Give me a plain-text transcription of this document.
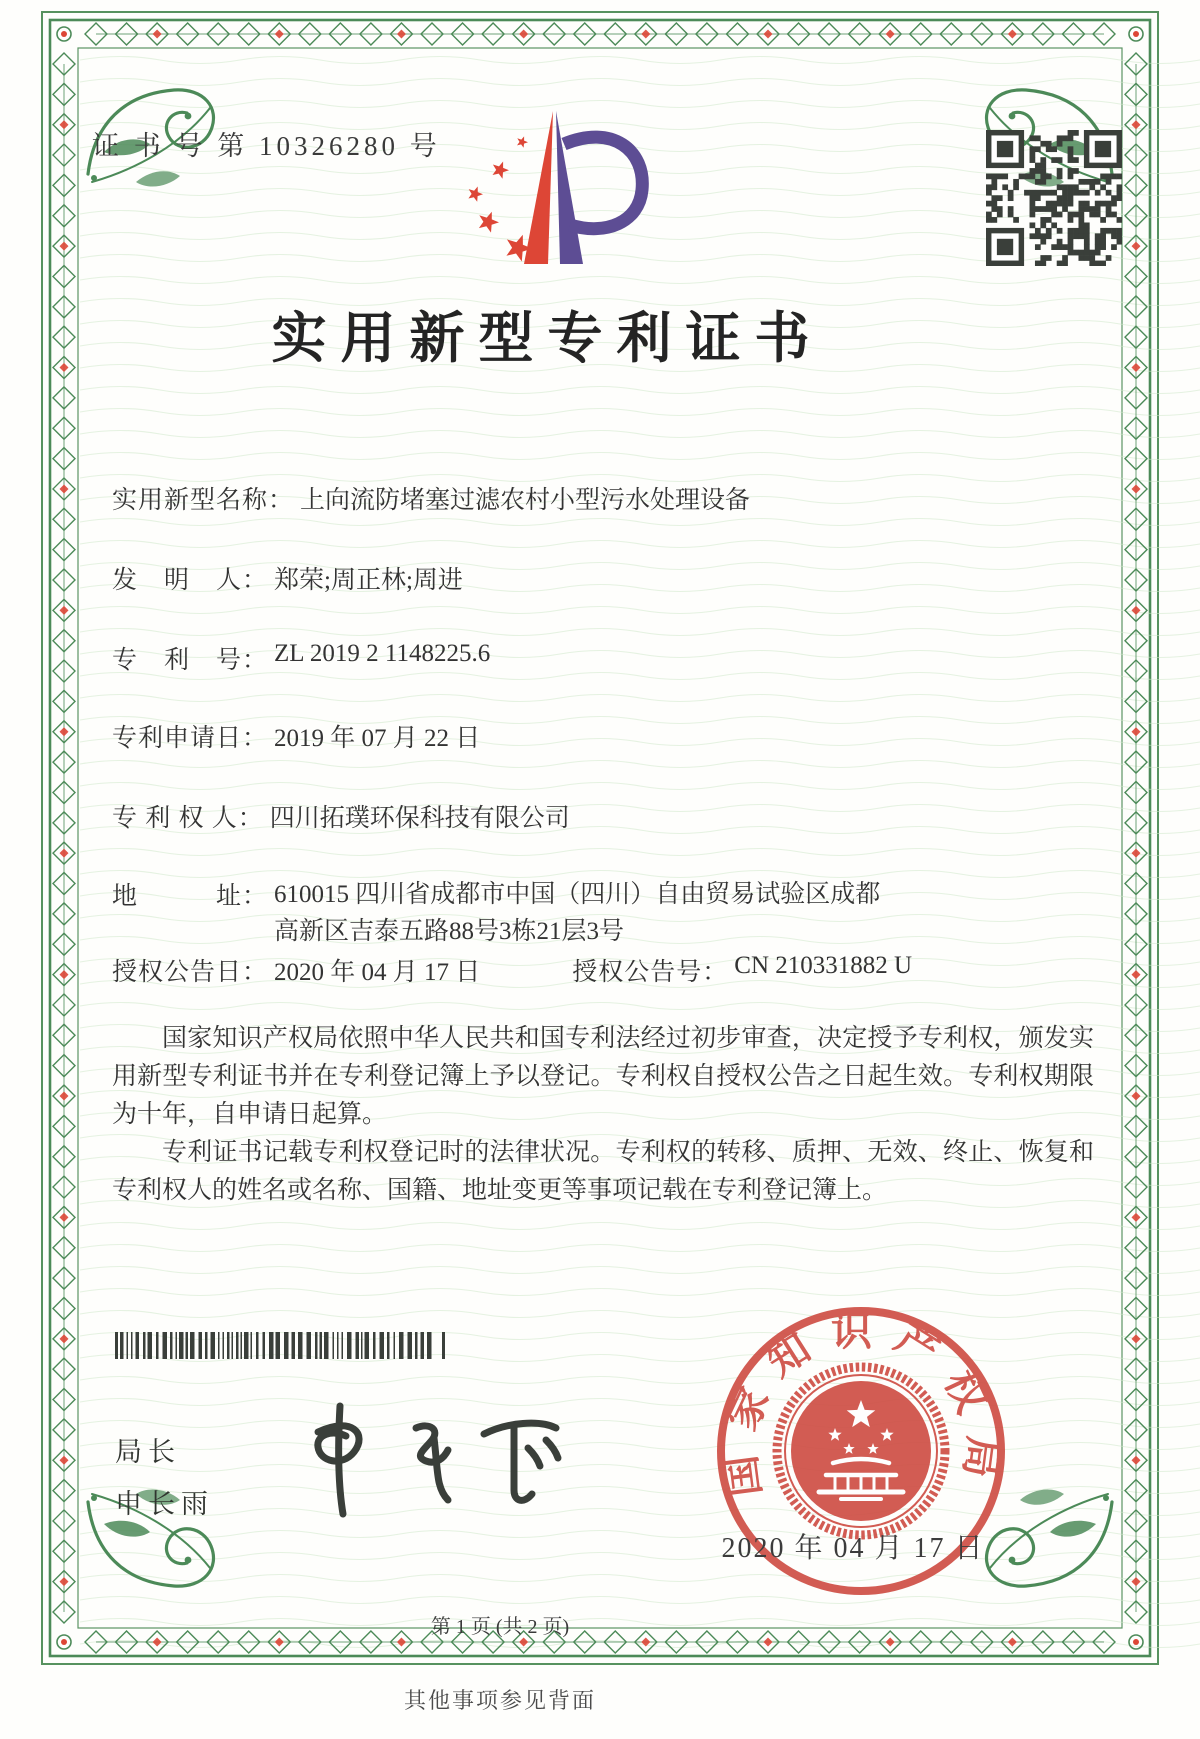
证 书 号 第 10326280 号
实用新型专利证书
实用新型名称： 上向流防堵塞过滤农村小型污水处理设备
发　明　人： 郑荣;周正林;周进
专　利　号： ZL 2019 2 1148225.6
专利申请日： 2019 年 07 月 22 日
专 利 权 人： 四川拓璞环保科技有限公司
地　　　址： 610015 四川省成都市中国（四川）自由贸易试验区成都
高新区吉泰五路88号3栋21层3号
授权公告日： 2020 年 04 月 17 日	授权公告号： CN 210331882 U

国家知识产权局依照中华人民共和国专利法经过初步审查，决定授予专利权，颁发实用新型专利证书并在专利登记簿上予以登记。专利权自授权公告之日起生效。专利权期限为十年，自申请日起算。

专利证书记载专利权登记时的法律状况。专利权的转移、质押、无效、终止、恢复和专利权人的姓名或名称、国籍、地址变更等事项记载在专利登记簿上。

局长
申长雨
国家知识产权局
2020 年 04 月 17 日
第 1 页 (共 2 页)
其他事项参见背面
